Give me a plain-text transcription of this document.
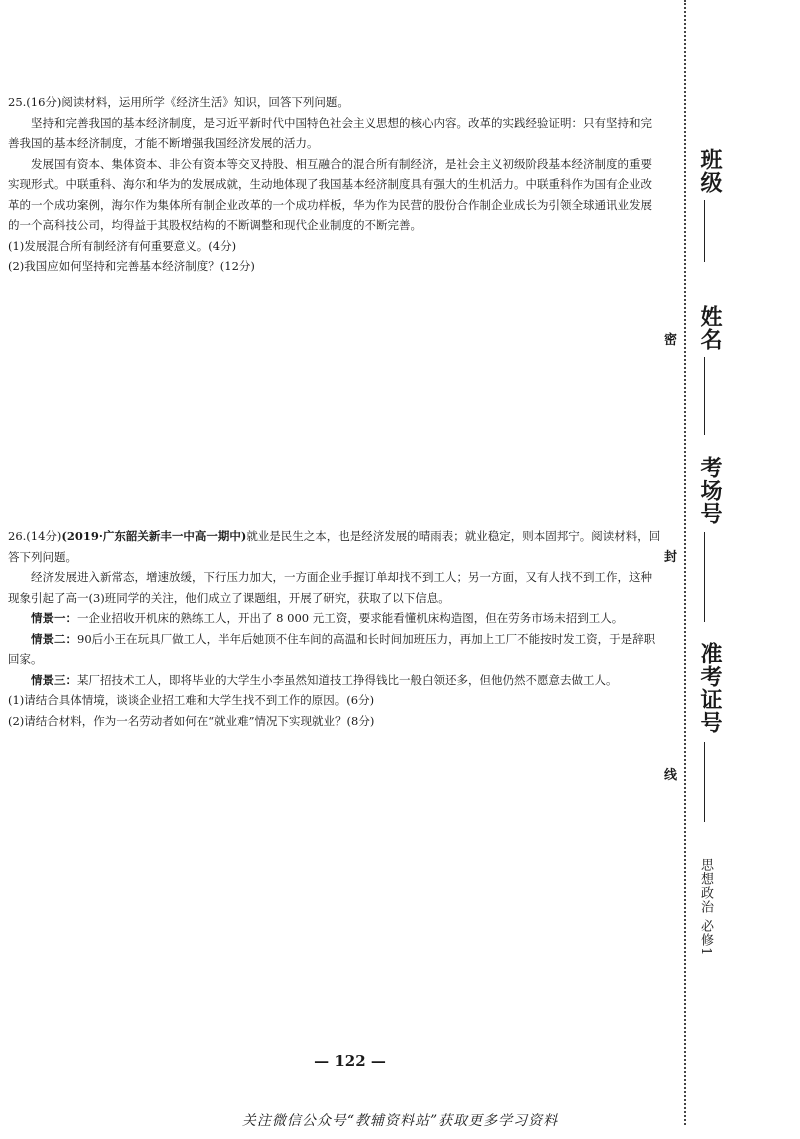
25.(16分)阅读材料，运用所学《经济生活》知识，回答下列问题。

坚持和完善我国的基本经济制度，是习近平新时代中国特色社会主义思想的核心内容。改革的实践经验证明：只有坚持和完善我国的基本经济制度，才能不断增强我国经济发展的活力。

发展国有资本、集体资本、非公有资本等交叉持股、相互融合的混合所有制经济，是社会主义初级阶段基本经济制度的重要实现形式。中联重科、海尔和华为的发展成就，生动地体现了我国基本经济制度具有强大的生机活力。中联重科作为国有企业改革的一个成功案例，海尔作为集体所有制企业改革的一个成功样板，华为作为民营的股份合作制企业成长为引领全球通讯业发展的一个高科技公司，均得益于其股权结构的不断调整和现代企业制度的不断完善。

(1)发展混合所有制经济有何重要意义。(4分)

(2)我国应如何坚持和完善基本经济制度？(12分)

26.(14分)(2019·广东韶关新丰一中高一期中)就业是民生之本，也是经济发展的晴雨表；就业稳定，则本固邦宁。阅读材料，回答下列问题。

经济发展进入新常态，增速放缓，下行压力加大，一方面企业手握订单却找不到工人；另一方面，又有人找不到工作，这种现象引起了高一(3)班同学的关注，他们成立了课题组，开展了研究，获取了以下信息。

情景一：一企业招收开机床的熟练工人，开出了 8 000 元工资，要求能看懂机床构造图，但在劳务市场未招到工人。

情景二：90后小王在玩具厂做工人，半年后她顶不住车间的高温和长时间加班压力，再加上工厂不能按时发工资，于是辞职回家。

情景三：某厂招技术工人，即将毕业的大学生小李虽然知道技工挣得钱比一般白领还多，但他仍然不愿意去做工人。

(1)请结合具体情境，谈谈企业招工难和大学生找不到工作的原因。(6分)

(2)请结合材料，作为一名劳动者如何在“就业难”情况下实现就业？(8分)

班级
姓名
考场号
准考证号
密
封
线
思想政治 必修1
— 122 —
关注微信公众号“教辅资料站”获取更多学习资料
